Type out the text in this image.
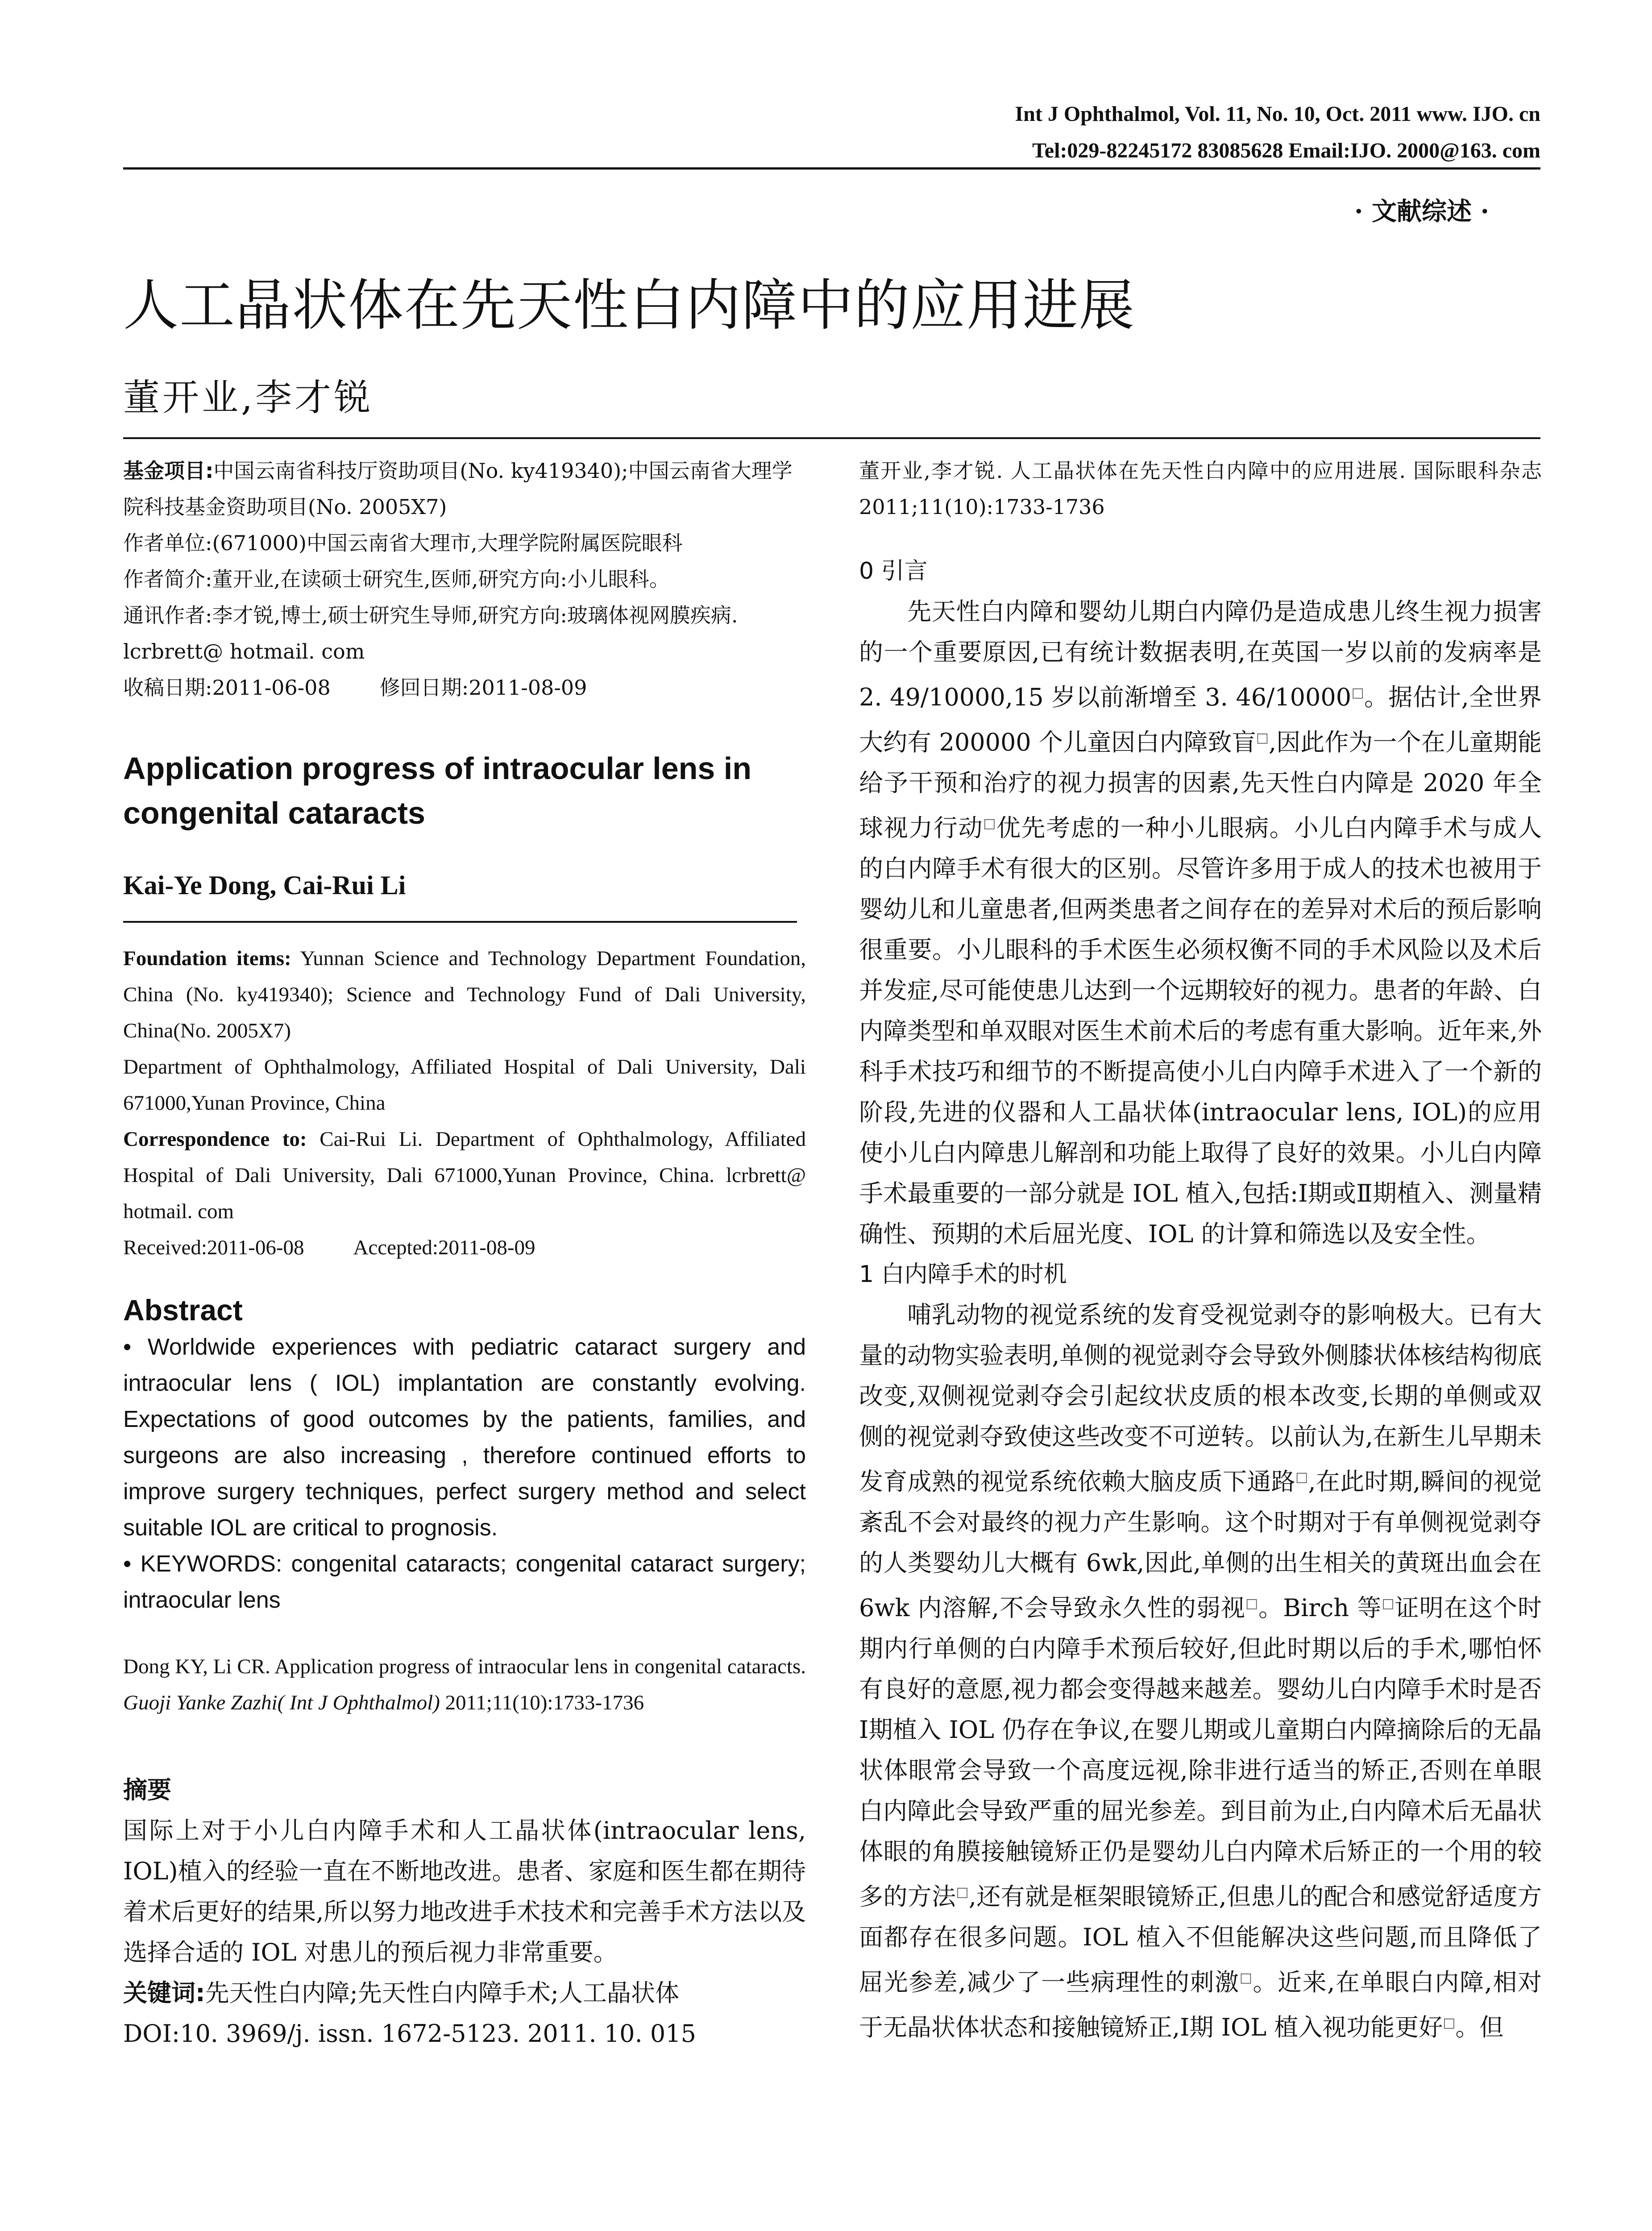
Int J Ophthalmol, Vol. 11, No. 10, Oct. 2011 www. IJO. cn
Tel:029-82245172 83085628 Email:IJO. 2000@163. com
· 文献综述 ·
人工晶状体在先天性白内障中的应用进展
董开业,李才锐

基金项目:中国云南省科技厅资助项目(No. ky419340);中国云南省大理学院科技基金资助项目(No. 2005X7)

作者单位:(671000)中国云南省大理市,大理学院附属医院眼科

作者简介:董开业,在读硕士研究生,医师,研究方向:小儿眼科。

通讯作者:李才锐,博士,硕士研究生导师,研究方向:玻璃体视网膜疾病. lcrbrett@ hotmail. com

收稿日期:2011-06-08 修回日期:2011-08-09

Application progress of intraocular lens in congenital cataracts
Kai-Ye Dong, Cai-Rui Li

Foundation items: Yunnan Science and Technology Department Foundation, China (No. ky419340); Science and Technology Fund of Dali University, China(No. 2005X7)

Department of Ophthalmology, Affiliated Hospital of Dali University, Dali 671000,Yunan Province, China

Correspondence to: Cai-Rui Li. Department of Ophthalmology, Affiliated Hospital of Dali University, Dali 671000,Yunan Province, China. lcrbrett@ hotmail. com

Received:2011-06-08 Accepted:2011-08-09

Abstract
• Worldwide experiences with pediatric cataract surgery and intraocular lens ( IOL) implantation are constantly evolving. Expectations of good outcomes by the patients, families, and surgeons are also increasing , therefore continued efforts to improve surgery techniques, perfect surgery method and select suitable IOL are critical to prognosis.
• KEYWORDS: congenital cataracts; congenital cataract surgery; intraocular lens
Dong KY, Li CR. Application progress of intraocular lens in congenital cataracts. Guoji Yanke Zazhi( Int J Ophthalmol) 2011;11(10):1733-1736
摘要
国际上对于小儿白内障手术和人工晶状体(intraocular lens, IOL)植入的经验一直在不断地改进。患者、家庭和医生都在期待着术后更好的结果,所以努力地改进手术技术和完善手术方法以及选择合适的 IOL 对患儿的预后视力非常重要。
关键词:先天性白内障;先天性白内障手术;人工晶状体
DOI:10. 3969/j. issn. 1672-5123. 2011. 10. 015
董开业,李才锐. 人工晶状体在先天性白内障中的应用进展. 国际眼科杂志 2011;11(10):1733-1736

0 引言

先天性白内障和婴幼儿期白内障仍是造成患儿终生视力损害的一个重要原因,已有统计数据表明,在英国一岁以前的发病率是 2. 49/10000,15 岁以前渐增至 3. 46/10000□。据估计,全世界大约有 200000 个儿童因白内障致盲□,因此作为一个在儿童期能给予干预和治疗的视力损害的因素,先天性白内障是 2020 年全球视力行动□优先考虑的一种小儿眼病。小儿白内障手术与成人的白内障手术有很大的区别。尽管许多用于成人的技术也被用于婴幼儿和儿童患者,但两类患者之间存在的差异对术后的预后影响很重要。小儿眼科的手术医生必须权衡不同的手术风险以及术后并发症,尽可能使患儿达到一个远期较好的视力。患者的年龄、白内障类型和单双眼对医生术前术后的考虑有重大影响。近年来,外科手术技巧和细节的不断提高使小儿白内障手术进入了一个新的阶段,先进的仪器和人工晶状体(intraocular lens, IOL)的应用使小儿白内障患儿解剖和功能上取得了良好的效果。小儿白内障手术最重要的一部分就是 IOL 植入,包括:Ⅰ期或Ⅱ期植入、测量精确性、预期的术后屈光度、IOL 的计算和筛选以及安全性。

1 白内障手术的时机

哺乳动物的视觉系统的发育受视觉剥夺的影响极大。已有大量的动物实验表明,单侧的视觉剥夺会导致外侧膝状体核结构彻底改变,双侧视觉剥夺会引起纹状皮质的根本改变,长期的单侧或双侧的视觉剥夺致使这些改变不可逆转。以前认为,在新生儿早期未发育成熟的视觉系统依赖大脑皮质下通路□,在此时期,瞬间的视觉紊乱不会对最终的视力产生影响。这个时期对于有单侧视觉剥夺的人类婴幼儿大概有 6wk,因此,单侧的出生相关的黄斑出血会在 6wk 内溶解,不会导致永久性的弱视□。Birch 等□证明在这个时期内行单侧的白内障手术预后较好,但此时期以后的手术,哪怕怀有良好的意愿,视力都会变得越来越差。婴幼儿白内障手术时是否Ⅰ期植入 IOL 仍存在争议,在婴儿期或儿童期白内障摘除后的无晶状体眼常会导致一个高度远视,除非进行适当的矫正,否则在单眼白内障此会导致严重的屈光参差。到目前为止,白内障术后无晶状体眼的角膜接触镜矫正仍是婴幼儿白内障术后矫正的一个用的较多的方法□,还有就是框架眼镜矫正,但患儿的配合和感觉舒适度方面都存在很多问题。IOL 植入不但能解决这些问题,而且降低了屈光参差,减少了一些病理性的刺激□。近来,在单眼白内障,相对于无晶状体状态和接触镜矫正,Ⅰ期 IOL 植入视功能更好□。但
